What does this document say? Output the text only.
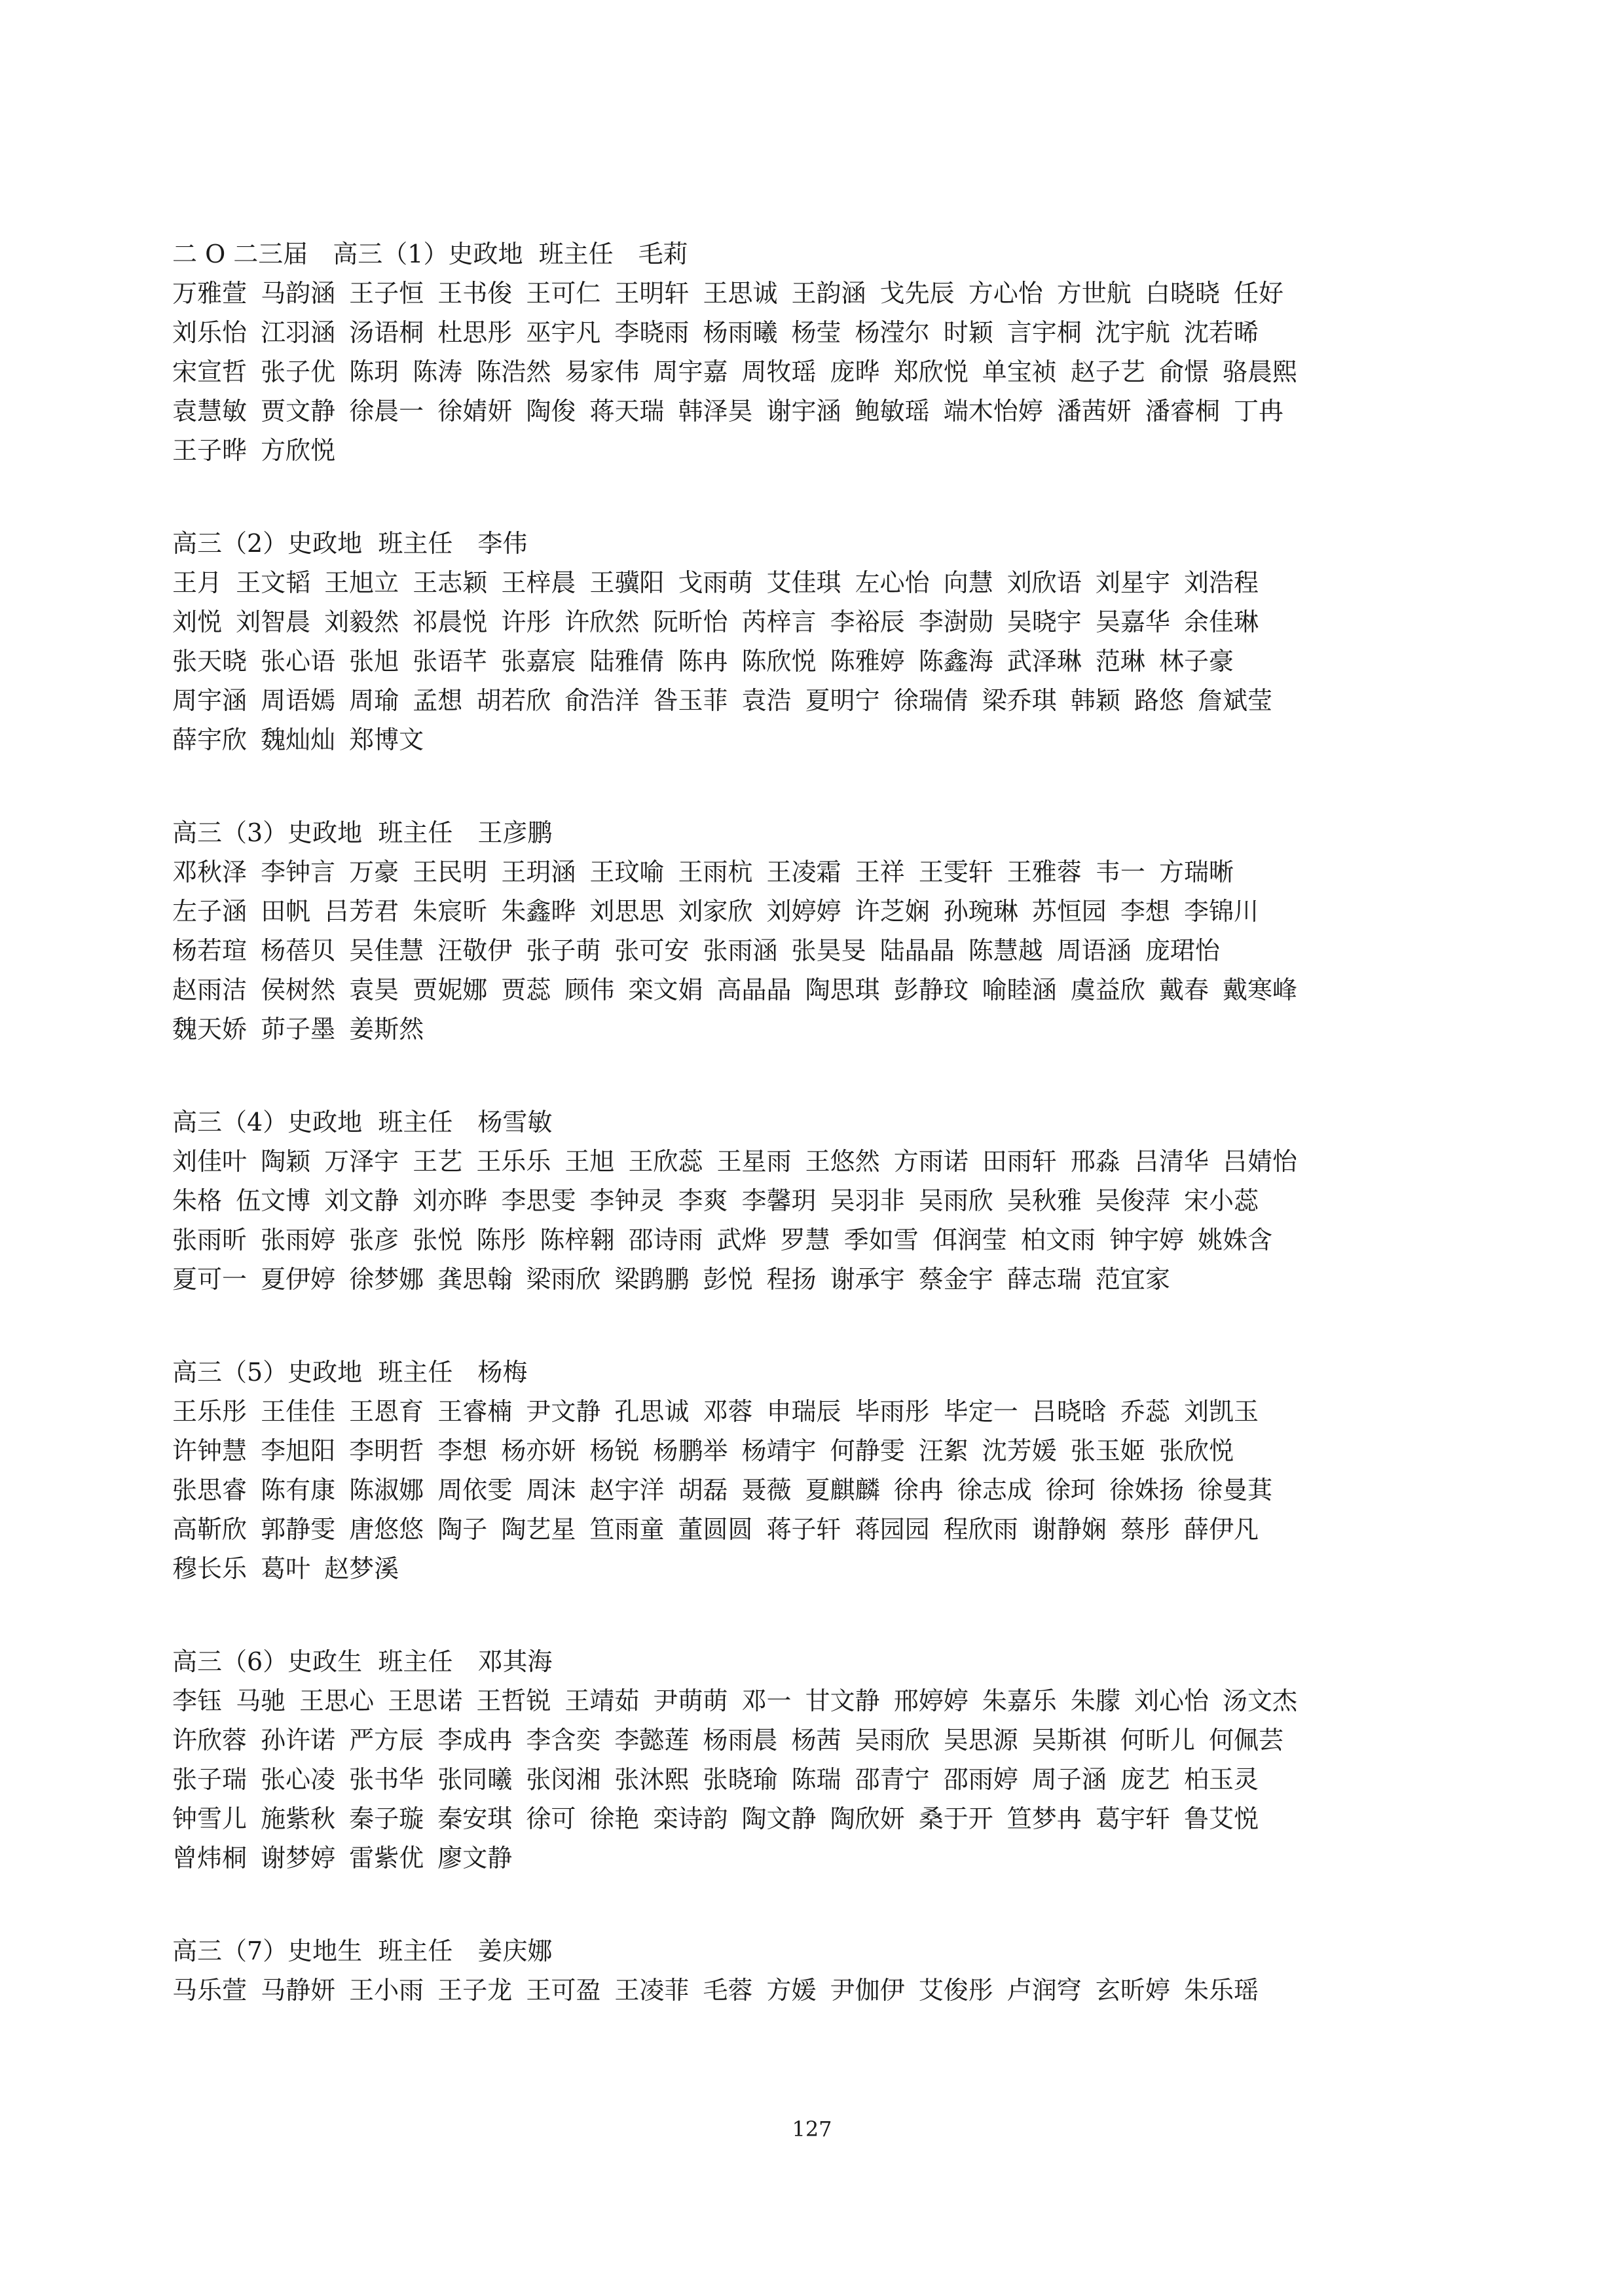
二 O 二三届　高三（1）史政地  班主任　毛莉
万雅萱 马韵涵 王子恒 王书俊 王可仁 王明轩 王思诚 王韵涵 戈先辰 方心怡 方世航 白晓晓 任好
刘乐怡 江羽涵 汤语桐 杜思彤 巫宇凡 李晓雨 杨雨曦 杨莹 杨滢尔 时颖 言宇桐 沈宇航 沈若晞
宋宣哲 张子优 陈玥 陈涛 陈浩然 易家伟 周宇嘉 周牧瑶 庞晔 郑欣悦 单宝祯 赵子艺 俞憬 骆晨熙
袁慧敏 贾文静 徐晨一 徐婧妍 陶俊 蒋天瑞 韩泽昊 谢宇涵 鲍敏瑶 端木怡婷 潘茜妍 潘睿桐 丁冉
王子晔 方欣悦
高三（2）史政地  班主任　李伟
王月 王文韬 王旭立 王志颖 王梓晨 王骥阳 戈雨萌 艾佳琪 左心怡 向慧 刘欣语 刘星宇 刘浩程
刘悦 刘智晨 刘毅然 祁晨悦 许彤 许欣然 阮昕怡 芮梓言 李裕辰 李澍勋 吴晓宇 吴嘉华 余佳琳
张天晓 张心语 张旭 张语芊 张嘉宸 陆雅倩 陈冉 陈欣悦 陈雅婷 陈鑫海 武泽琳 范琳 林子豪
周宇涵 周语嫣 周瑜 孟想 胡若欣 俞浩洋 昝玉菲 袁浩 夏明宁 徐瑞倩 梁乔琪 韩颖 路悠 詹斌莹
薛宇欣 魏灿灿 郑博文
高三（3）史政地  班主任　王彦鹏
邓秋泽 李钟言 万豪 王民明 王玥涵 王玟喻 王雨杭 王凌霜 王祥 王雯轩 王雅蓉 韦一 方瑞晰
左子涵 田帆 吕芳君 朱宸昕 朱鑫晔 刘思思 刘家欣 刘婷婷 许芝娴 孙琬琳 苏恒园 李想 李锦川
杨若瑄 杨蓓贝 吴佳慧 汪敬伊 张子萌 张可安 张雨涵 张昊旻 陆晶晶 陈慧越 周语涵 庞珺怡
赵雨洁 侯树然 袁昊 贾妮娜 贾蕊 顾伟 栾文娟 高晶晶 陶思琪 彭静玟 喻睦涵 虞益欣 戴春 戴寒峰
魏天娇 茆子墨 姜斯然
高三（4）史政地  班主任　杨雪敏
刘佳叶 陶颖 万泽宇 王艺 王乐乐 王旭 王欣蕊 王星雨 王悠然 方雨诺 田雨轩 邢淼 吕清华 吕婧怡
朱格 伍文博 刘文静 刘亦晔 李思雯 李钟灵 李爽 李馨玥 吴羽非 吴雨欣 吴秋雅 吴俊萍 宋小蕊
张雨昕 张雨婷 张彦 张悦 陈彤 陈梓翱 邵诗雨 武烨 罗慧 季如雪 佴润莹 柏文雨 钟宇婷 姚姝含
夏可一 夏伊婷 徐梦娜 龚思翰 梁雨欣 梁鹍鹏 彭悦 程扬 谢承宇 蔡金宇 薛志瑞 范宜家
高三（5）史政地  班主任　杨梅
王乐彤 王佳佳 王恩育 王睿楠 尹文静 孔思诚 邓蓉 申瑞辰 毕雨彤 毕定一 吕晓晗 乔蕊 刘凯玉
许钟慧 李旭阳 李明哲 李想 杨亦妍 杨锐 杨鹏举 杨靖宇 何静雯 汪絮 沈芳媛 张玉姬 张欣悦
张思睿 陈有康 陈淑娜 周依雯 周沫 赵宇洋 胡磊 聂薇 夏麒麟 徐冉 徐志成 徐珂 徐姝扬 徐曼萁
高靳欣 郭静雯 唐悠悠 陶子 陶艺星 笪雨童 董圆圆 蒋子轩 蒋园园 程欣雨 谢静娴 蔡彤 薛伊凡
穆长乐 葛叶 赵梦溪
高三（6）史政生  班主任　邓其海
李钰 马驰 王思心 王思诺 王哲锐 王靖茹 尹萌萌 邓一 甘文静 邢婷婷 朱嘉乐 朱朦 刘心怡 汤文杰
许欣蓉 孙许诺 严方辰 李成冉 李含奕 李懿莲 杨雨晨 杨茜 吴雨欣 吴思源 吴斯祺 何昕儿 何佩芸
张子瑞 张心凌 张书华 张同曦 张闵湘 张沐熙 张晓瑜 陈瑞 邵青宁 邵雨婷 周子涵 庞艺 柏玉灵
钟雪儿 施紫秋 秦子璇 秦安琪 徐可 徐艳 栾诗韵 陶文静 陶欣妍 桑于开 笪梦冉 葛宇轩 鲁艾悦
曾炜桐 谢梦婷 雷紫优 廖文静
高三（7）史地生  班主任　姜庆娜
马乐萱 马静妍 王小雨 王子龙 王可盈 王凌菲 毛蓉 方媛 尹伽伊 艾俊彤 卢润穹 玄昕婷 朱乐瑶
127
